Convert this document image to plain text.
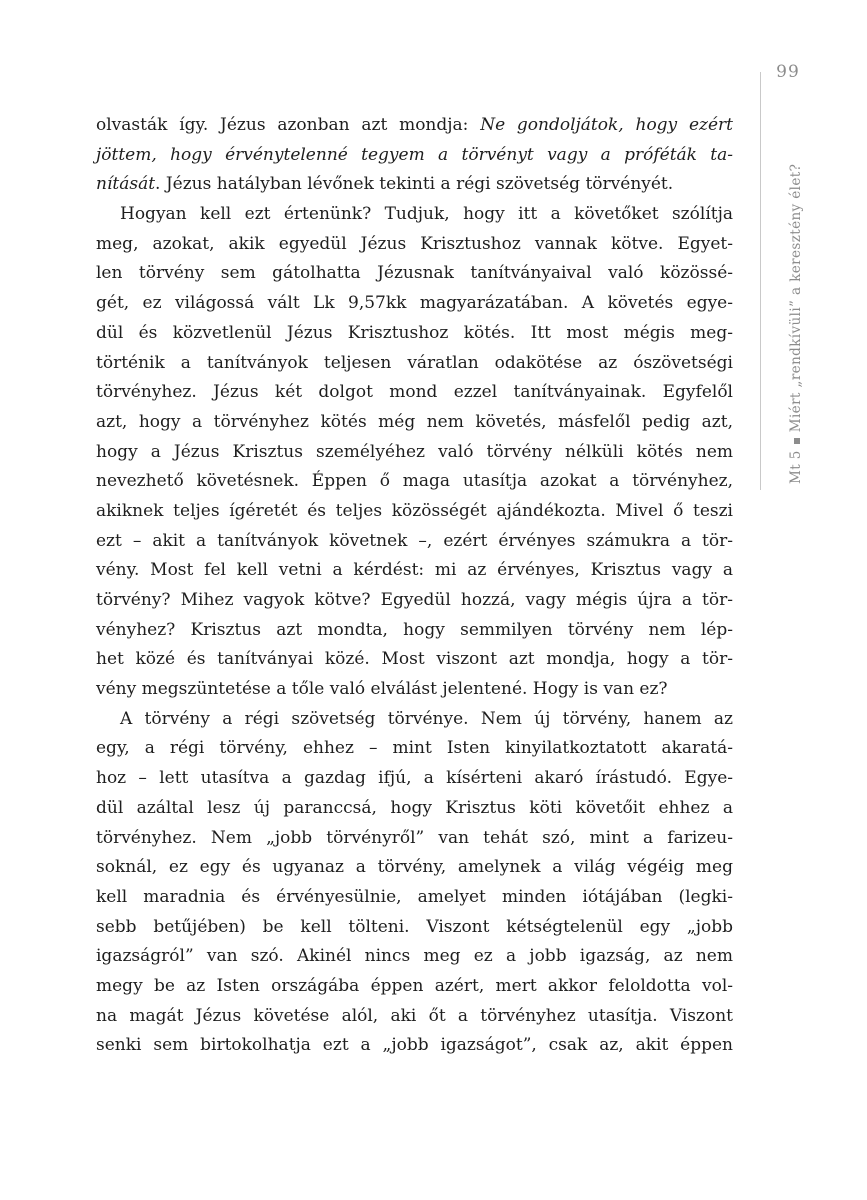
99
Mt 5Miért „rendkívüli” a keresztény élet?
olvasták így. Jézus azonban azt mondja: Ne gondoljátok, hogy ezért
jöttem, hogy érvénytelenné tegyem a törvényt vagy a próféták ta-
nítását. Jézus hatályban lévőnek tekinti a régi szövetség törvényét.
Hogyan kell ezt értenünk? Tudjuk, hogy itt a követőket szólítja
meg, azokat, akik egyedül Jézus Krisztushoz vannak kötve. Egyet-
len törvény sem gátolhatta Jézusnak tanítványaival való közössé-
gét, ez világossá vált Lk 9,57kk magyarázatában. A követés egye-
dül és közvetlenül Jézus Krisztushoz kötés. Itt most mégis meg-
történik a tanítványok teljesen váratlan odakötése az ószövetségi
törvényhez. Jézus két dolgot mond ezzel tanítványainak. Egyfelől
azt, hogy a törvényhez kötés még nem követés, másfelől pedig azt,
hogy a Jézus Krisztus személyéhez való törvény nélküli kötés nem
nevezhető követésnek. Éppen ő maga utasítja azokat a törvényhez,
akiknek teljes ígéretét és teljes közösségét ajándékozta. Mivel ő teszi
ezt – akit a tanítványok követnek –, ezért érvényes számukra a tör-
vény. Most fel kell vetni a kérdést: mi az érvényes, Krisztus vagy a
törvény? Mihez vagyok kötve? Egyedül hozzá, vagy mégis újra a tör-
vényhez? Krisztus azt mondta, hogy semmilyen törvény nem lép-
het közé és tanítványai közé. Most viszont azt mondja, hogy a tör-
vény megszüntetése a tőle való elválást jelentené. Hogy is van ez?
A törvény a régi szövetség törvénye. Nem új törvény, hanem az
egy, a régi törvény, ehhez – mint Isten kinyilatkoztatott akaratá-
hoz – lett utasítva a gazdag ifjú, a kísérteni akaró írástudó. Egye-
dül azáltal lesz új paranccsá, hogy Krisztus köti követőit ehhez a
törvényhez. Nem „jobb törvényről” van tehát szó, mint a farizeu-
soknál, ez egy és ugyanaz a törvény, amelynek a világ végéig meg
kell maradnia és érvényesülnie, amelyet minden iótájában (legki-
sebb betűjében) be kell tölteni. Viszont kétségtelenül egy „jobb
igazságról” van szó. Akinél nincs meg ez a jobb igazság, az nem
megy be az Isten országába éppen azért, mert akkor feloldotta vol-
na magát Jézus követése alól, aki őt a törvényhez utasítja. Viszont
senki sem birtokolhatja ezt a „jobb igazságot”, csak az, akit éppen
